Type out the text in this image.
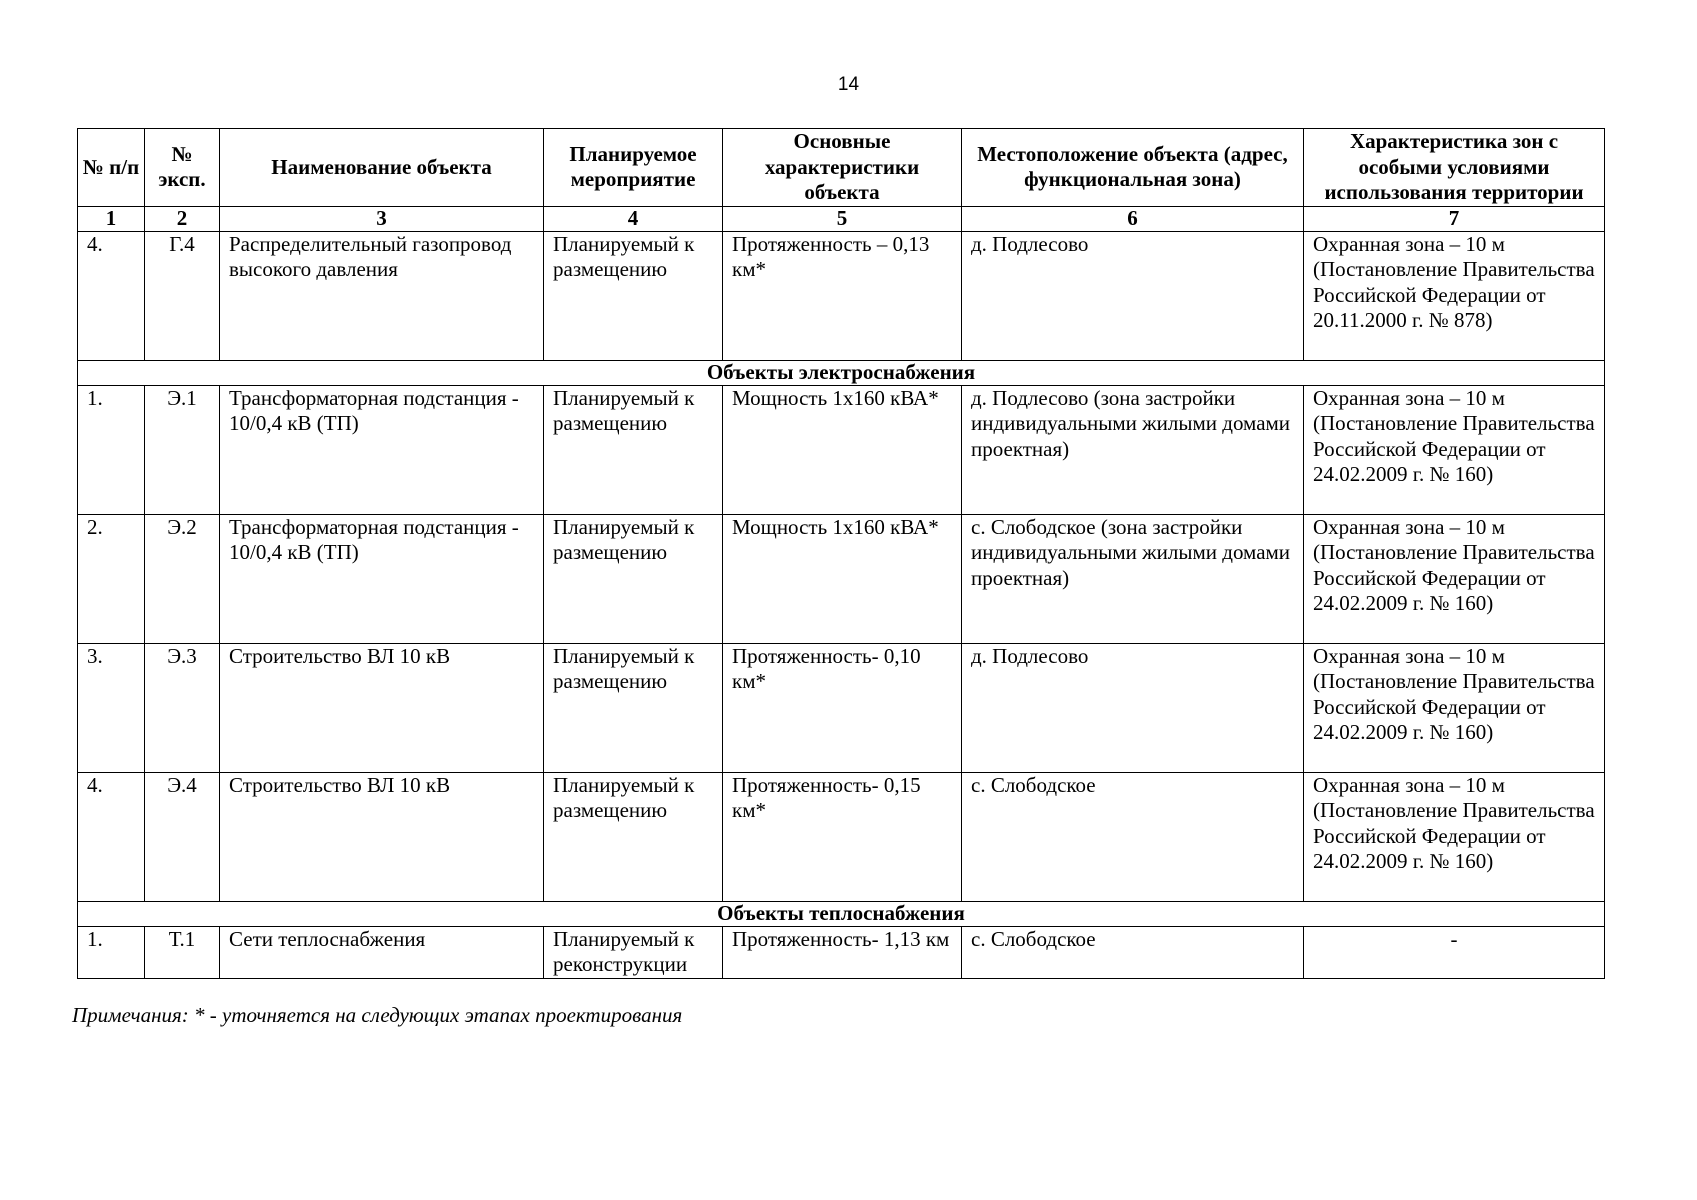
14
№ п/п	№ эксп.	Наименование объекта	Планируемое мероприятие	Основные характеристики объекта	Местоположение объекта (адрес, функциональная зона)	Характеристика зон с особыми условиями использования территории
1	2	3	4	5	6	7
4.	Г.4	Распределительный газопровод высокого давления	Планируемый к размещению	Протяженность – 0,13 км*	д. Подлесово	Охранная зона – 10 м (Постановление Правительства Российской Федерации от 20.11.2000 г. № 878)
Объекты электроснабжения						
1.	Э.1	Трансформаторная подстанция - 10/0,4 кВ (ТП)	Планируемый к размещению	Мощность 1х160 кВА*	д. Подлесово (зона застройки индивидуальными жилыми домами проектная)	Охранная зона – 10 м (Постановление Правительства Российской Федерации от 24.02.2009 г. № 160)
2.	Э.2	Трансформаторная подстанция - 10/0,4 кВ (ТП)	Планируемый к размещению	Мощность 1х160 кВА*	с. Слободское (зона застройки индивидуальными жилыми домами проектная)	Охранная зона – 10 м (Постановление Правительства Российской Федерации от 24.02.2009 г. № 160)
3.	Э.3	Строительство ВЛ 10 кВ	Планируемый к размещению	Протяженность- 0,10 км*	д. Подлесово	Охранная зона – 10 м (Постановление Правительства Российской Федерации от 24.02.2009 г. № 160)
4.	Э.4	Строительство ВЛ 10 кВ	Планируемый к размещению	Протяженность- 0,15 км*	с. Слободское	Охранная зона – 10 м (Постановление Правительства Российской Федерации от 24.02.2009 г. № 160)
Объекты теплоснабжения						
1.	Т.1	Сети теплоснабжения	Планируемый к реконструкции	Протяженность- 1,13 км	с. Слободское	-
Примечания: * - уточняется на следующих этапах проектирования
